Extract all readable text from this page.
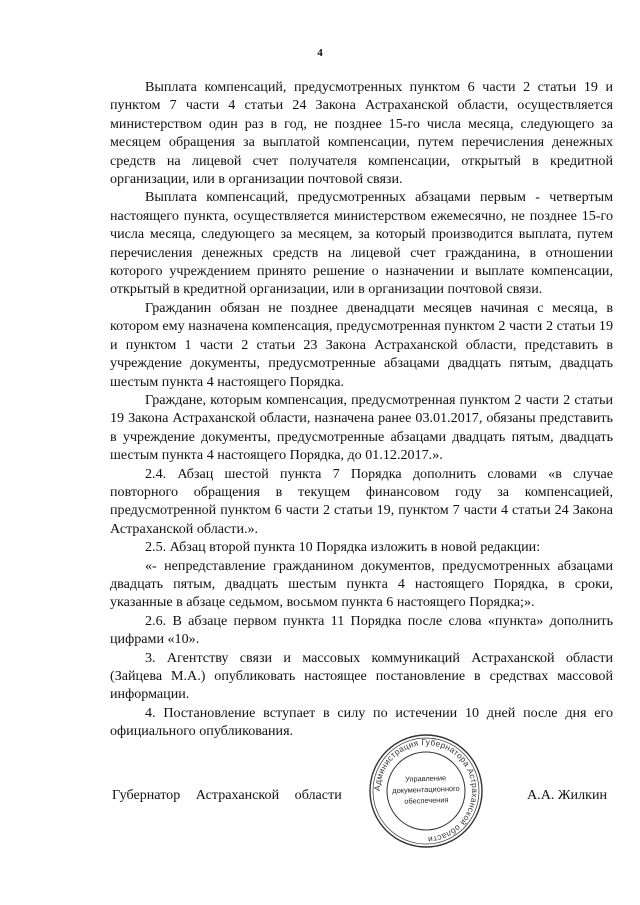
4

Выплата компенсаций, предусмотренных пунктом 6 части 2 статьи 19 и пунктом 7 части 4 статьи 24 Закона Астраханской области, осуществляется министерством один раз в год, не позднее 15-го числа месяца, следующего за месяцем обращения за выплатой компенсации, путем перечисления денежных средств на лицевой счет получателя компенсации, открытый в кредитной организации, или в организации почтовой связи.

Выплата компенсаций, предусмотренных абзацами первым - четвертым настоящего пункта, осуществляется министерством ежемесячно, не позднее 15-го числа месяца, следующего за месяцем, за который производится выплата, путем перечисления денежных средств на лицевой счет гражданина, в отношении которого учреждением принято решение о назначении и выплате компенсации, открытый в кредитной организации, или в организации почтовой связи.

Гражданин обязан не позднее двенадцати месяцев начиная с месяца, в котором ему назначена компенсация, предусмотренная пунктом 2 части 2 статьи 19 и пунктом 1 части 2 статьи 23 Закона Астраханской области, представить в учреждение документы, предусмотренные абзацами двадцать пятым, двадцать шестым пункта 4 настоящего Порядка.

Граждане, которым компенсация, предусмотренная пунктом 2 части 2 статьи 19 Закона Астраханской области, назначена ранее 03.01.2017, обязаны представить в учреждение документы, предусмотренные абзацами двадцать пятым, двадцать шестым пункта 4 настоящего Порядка, до 01.12.2017.».

2.4. Абзац шестой пункта 7 Порядка дополнить словами «в случае повторного обращения в текущем финансовом году за компенсацией, предусмотренной пунктом 6 части 2 статьи 19, пунктом 7 части 4 статьи 24 Закона Астраханской области.».

2.5. Абзац второй пункта 10 Порядка изложить в новой редакции:

«- непредставление гражданином документов, предусмотренных абзацами двадцать пятым, двадцать шестым пункта 4 настоящего Порядка, в сроки, указанные в абзаце седьмом, восьмом пункта 6 настоящего Порядка;».

2.6. В абзаце первом пункта 11 Порядка после слова «пункта» дополнить цифрами «10».

3. Агентству связи и массовых коммуникаций Астраханской области (Зайцева М.А.) опубликовать настоящее постановление в средствах массовой информации.

4. Постановление вступает в силу по истечении 10 дней после дня его официального опубликования.

Губернатор Астраханской области	А.А. Жилкин
Администрация Губернатора Астраханской области
Управление документационного обеспечения
